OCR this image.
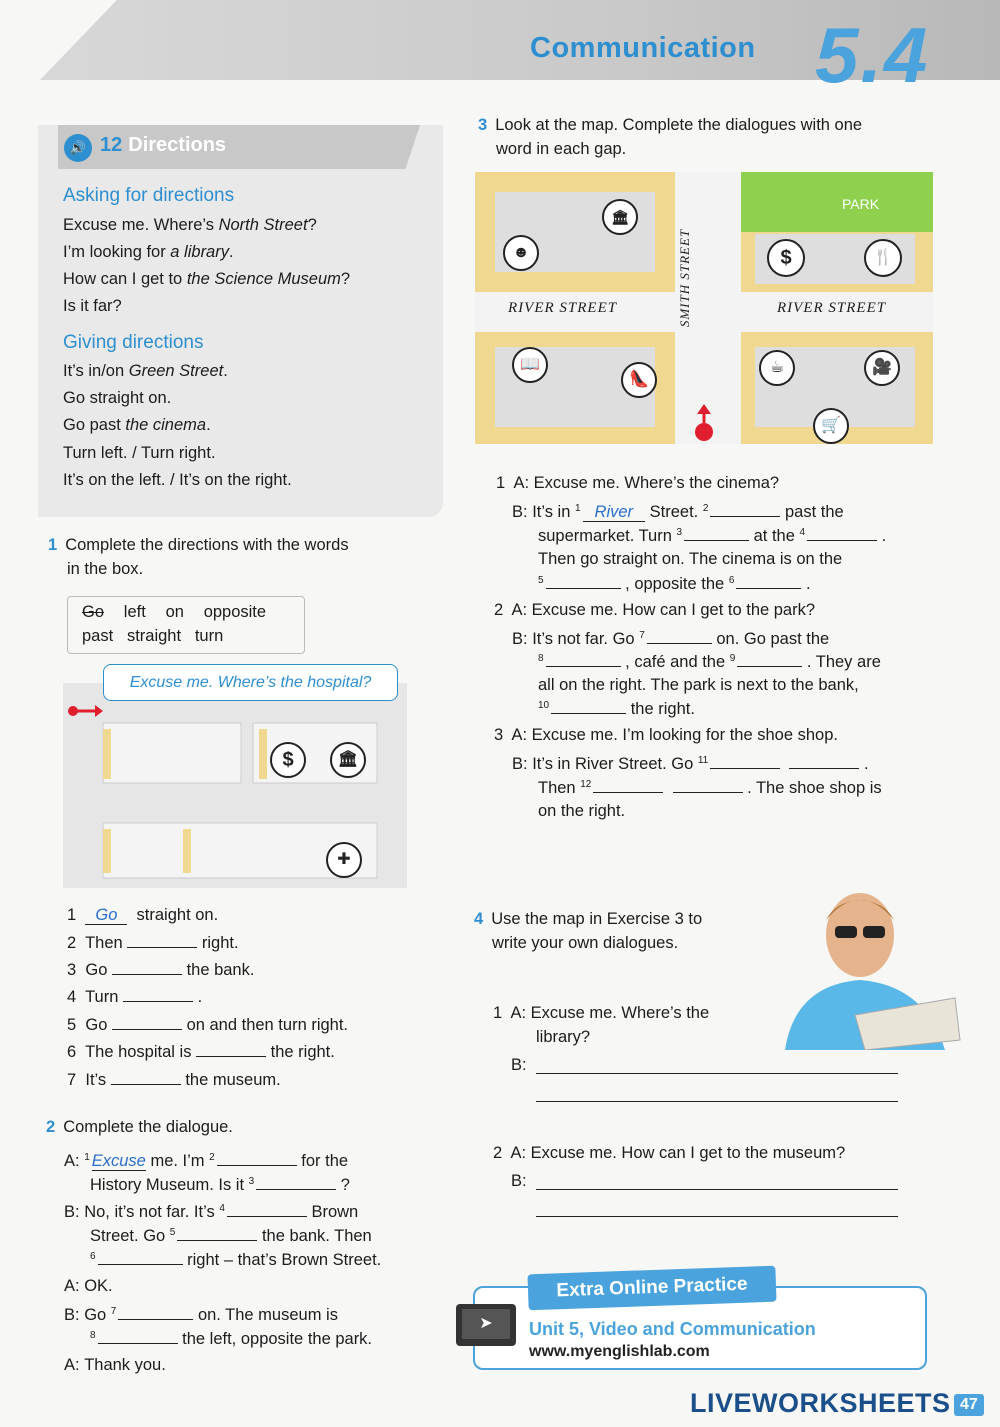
Communication 5.4
🔊 12 Directions
Asking for directions
Excuse me. Where’s North Street?
I’m looking for a library.
How can I get to the Science Museum?
Is it far?
Giving directions
It’s in/on Green Street.
Go straight on.
Go past the cinema.
Turn left. / Turn right.
It’s on the left. / It’s on the right.
1 Complete the directions with the words
in the box.
Go left on opposite
past straight turn
$	🏛
✚
Excuse me. Where’s the hospital?
1 Go straight on.
2 Then	right.
3 Go	the bank.
4 Turn	.
5 Go	on and then turn right.
6 The hospital is	the right.
7 It’s	the museum.
2 Complete the dialogue.
A: $^1$ Excuse me. I’m $^2$	for the
History Museum. Is it $^3$	?
B: No, it’s not far. It’s $^4$	Brown
Street. Go $^5$	the bank. Then
$^6$	right – that’s Brown Street.
A: OK.
B: Go $^7$	on. The museum is
$^8$	the left, opposite the park.
A: Thank you.
3 Look at the map. Complete the dialogues with one
word in each gap.
PARK
RIVER STREET	RIVER STREET
SMITH STREET
🏛
☻	$	🍴
📖
👠
☕	🎥
🛒
1 A: Excuse me. Where’s the cinema?
B: It’s in $^1$ River Street. $^2$	past the
supermarket. Turn $^3$	at the $^4$	.
Then go straight on. The cinema is on the
$^5$	, opposite the $^6$	.
2 A: Excuse me. How can I get to the park?
B: It’s not far. Go $^7$	on. Go past the
$^8$	, café and the $^9$	. They are
all on the right. The park is next to the bank,
$^{10}$	the right.
3 A: Excuse me. I’m looking for the shoe shop.
B: It’s in River Street. Go $^{11}$	.
Then $^{12}$	. The shoe shop is
on the right.
4 Use the map in Exercise 3 to
write your own dialogues.
1 A: Excuse me. Where’s the
library?
B:
2 A: Excuse me. How can I get to the museum?
B:
Extra Online Practice
➤	Unit 5, Video and Communication
www.myenglishlab.com
LIVEWORKSHEETS 47
